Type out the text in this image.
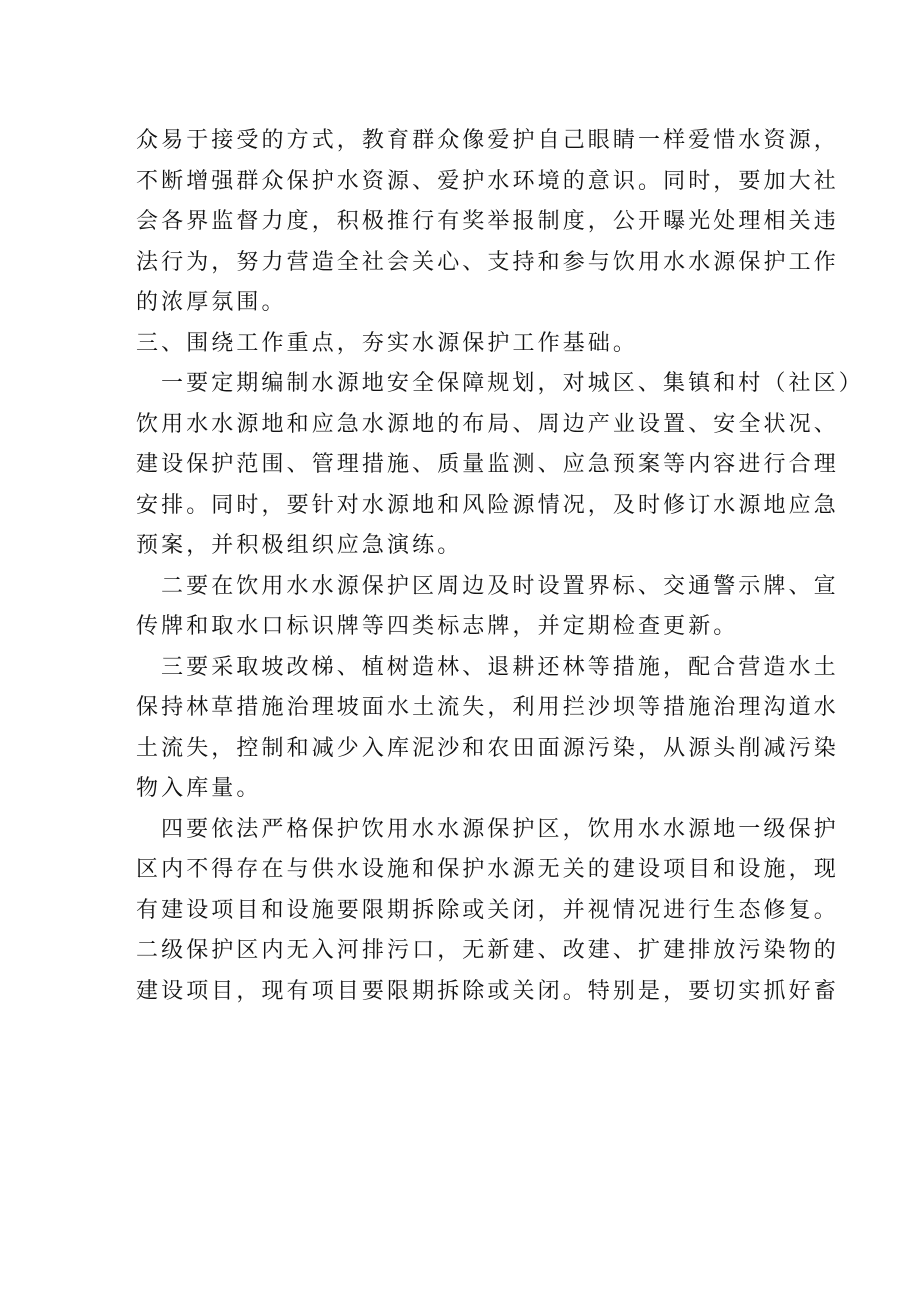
众易于接受的方式，教育群众像爱护自己眼睛一样爱惜水资源，
不断增强群众保护水资源、爱护水环境的意识。同时，要加大社
会各界监督力度，积极推行有奖举报制度，公开曝光处理相关违
法行为，努力营造全社会关心、支持和参与饮用水水源保护工作
的浓厚氛围。
三、围绕工作重点，夯实水源保护工作基础。
一要定期编制水源地安全保障规划，对城区、集镇和村（社区）
饮用水水源地和应急水源地的布局、周边产业设置、安全状况、
建设保护范围、管理措施、质量监测、应急预案等内容进行合理
安排。同时，要针对水源地和风险源情况，及时修订水源地应急
预案，并积极组织应急演练。
二要在饮用水水源保护区周边及时设置界标、交通警示牌、宣
传牌和取水口标识牌等四类标志牌，并定期检查更新。
三要采取坡改梯、植树造林、退耕还林等措施，配合营造水土
保持林草措施治理坡面水土流失，利用拦沙坝等措施治理沟道水
土流失，控制和减少入库泥沙和农田面源污染，从源头削减污染
物入库量。
四要依法严格保护饮用水水源保护区，饮用水水源地一级保护
区内不得存在与供水设施和保护水源无关的建设项目和设施，现
有建设项目和设施要限期拆除或关闭，并视情况进行生态修复。
二级保护区内无入河排污口，无新建、改建、扩建排放污染物的
建设项目，现有项目要限期拆除或关闭。特别是，要切实抓好畜
